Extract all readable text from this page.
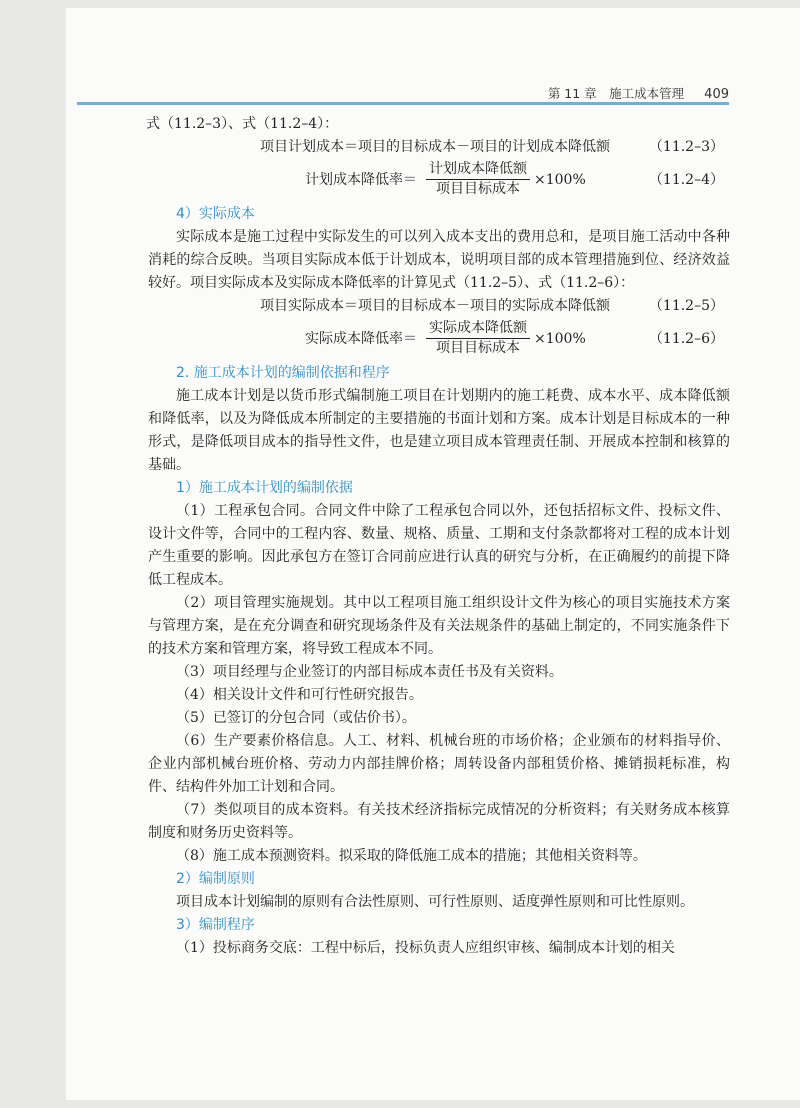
第 11 章　施工成本管理 409

式（11.2–3）、式（11.2–4）：

项目计划成本＝项目的目标成本－项目的计划成本降低额	（11.2–3）
计划成本降低率＝
计划成本降低额
项目目标成本
×100%	（11.2–4）

4）实际成本

实际成本是施工过程中实际发生的可以列入成本支出的费用总和，是项目施工活动中各种消耗的综合反映。当项目实际成本低于计划成本，说明项目部的成本管理措施到位、经济效益较好。项目实际成本及实际成本降低率的计算见式（11.2–5）、式（11.2–6）：

项目实际成本＝项目的目标成本－项目的实际成本降低额	（11.2–5）
实际成本降低率＝
实际成本降低额
项目目标成本
×100%	（11.2–6）

2. 施工成本计划的编制依据和程序

施工成本计划是以货币形式编制施工项目在计划期内的施工耗费、成本水平、成本降低额和降低率，以及为降低成本所制定的主要措施的书面计划和方案。成本计划是目标成本的一种形式，是降低项目成本的指导性文件，也是建立项目成本管理责任制、开展成本控制和核算的基础。

1）施工成本计划的编制依据

（1）工程承包合同。合同文件中除了工程承包合同以外，还包括招标文件、投标文件、设计文件等，合同中的工程内容、数量、规格、质量、工期和支付条款都将对工程的成本计划产生重要的影响。因此承包方在签订合同前应进行认真的研究与分析，在正确履约的前提下降低工程成本。

（2）项目管理实施规划。其中以工程项目施工组织设计文件为核心的项目实施技术方案与管理方案，是在充分调查和研究现场条件及有关法规条件的基础上制定的，不同实施条件下的技术方案和管理方案，将导致工程成本不同。

（3）项目经理与企业签订的内部目标成本责任书及有关资料。

（4）相关设计文件和可行性研究报告。

（5）已签订的分包合同（或估价书）。

（6）生产要素价格信息。人工、材料、机械台班的市场价格；企业颁布的材料指导价、企业内部机械台班价格、劳动力内部挂牌价格；周转设备内部租赁价格、摊销损耗标准，构件、结构件外加工计划和合同。

（7）类似项目的成本资料。有关技术经济指标完成情况的分析资料；有关财务成本核算制度和财务历史资料等。

（8）施工成本预测资料。拟采取的降低施工成本的措施；其他相关资料等。

2）编制原则

项目成本计划编制的原则有合法性原则、可行性原则、适度弹性原则和可比性原则。

3）编制程序

（1）投标商务交底：工程中标后，投标负责人应组织审核、编制成本计划的相关
